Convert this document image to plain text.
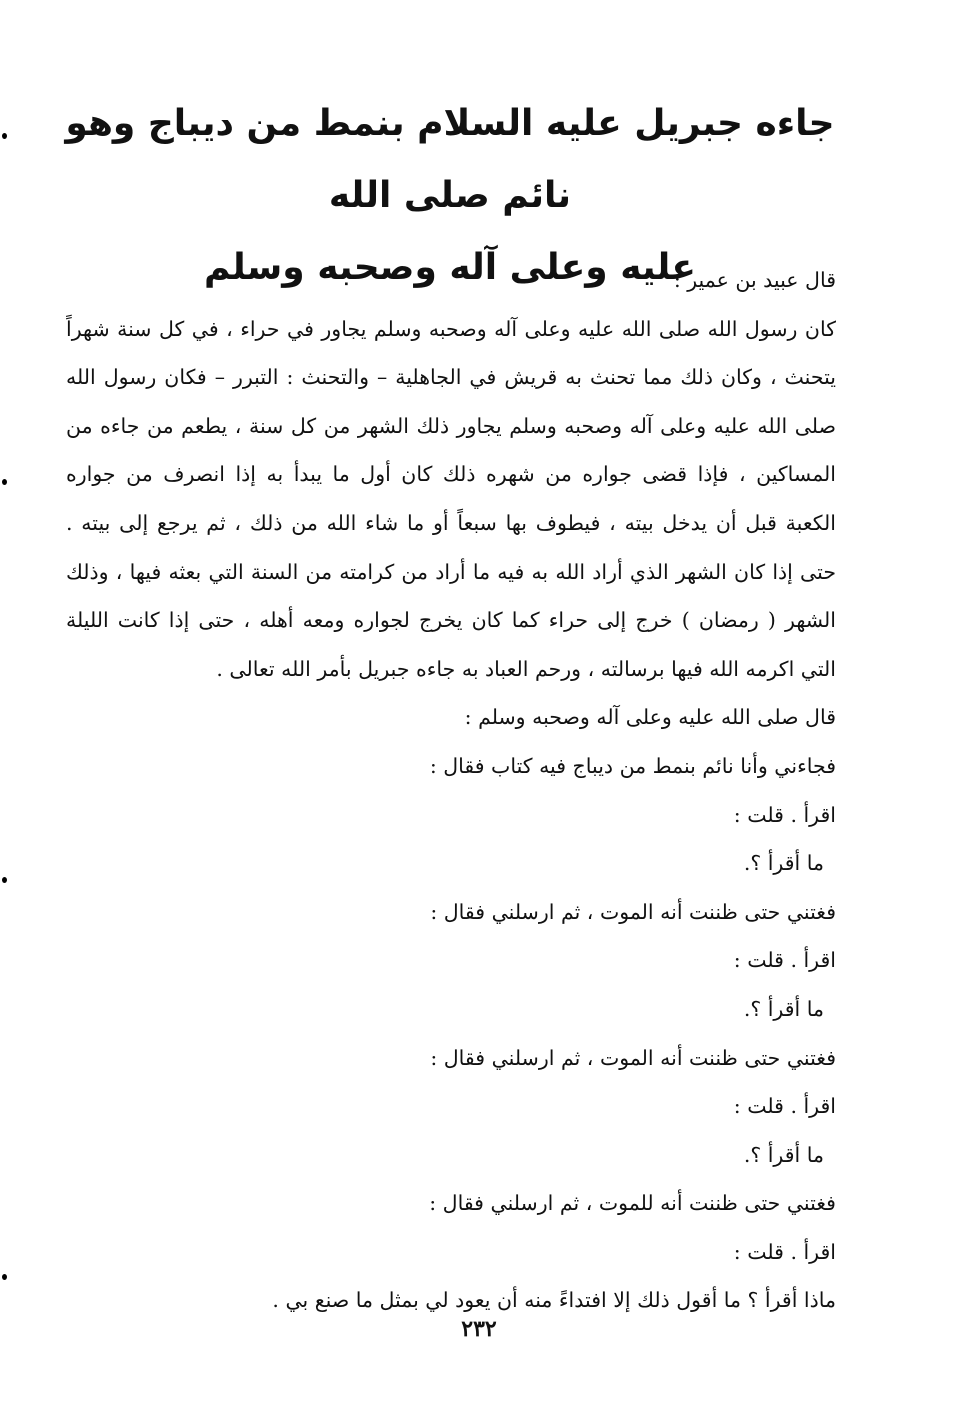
جاءه جبريل عليه السلام بنمط من ديباج وهو نائم صلى الله
عليه وعلى آله وصحبه وسلم
قال عبيد بن عمير :
كان رسول الله صلى الله عليه وعلى آله وصحبه وسلم يجاور في حراء ، في كل سنة شهراً
يتحنث ، وكان ذلك مما تحنث به قريش في الجاهلية – والتحنث : التبرر – فكان رسول الله
صلى الله عليه وعلى آله وصحبه وسلم يجاور ذلك الشهر من كل سنة ، يطعم من جاءه من
المساكين ، فإذا قضى جواره من شهره ذلك كان أول ما يبدأ به إذا انصرف من جواره
الكعبة قبل أن يدخل بيته ، فيطوف بها سبعاً أو ما شاء الله من ذلك ، ثم يرجع إلى بيته .
حتى إذا كان الشهر الذي أراد الله به فيه ما أراد من كرامته من السنة التي بعثه فيها ، وذلك
الشهر ( رمضان ) خرج إلى حراء كما كان يخرج لجواره ومعه أهله ، حتى إذا كانت الليلة
التي اكرمه الله فيها برسالته ، ورحم العباد به جاءه جبريل بأمر الله تعالى .
قال صلى الله عليه وعلى آله وصحبه وسلم :
فجاءني وأنا نائم بنمط من ديباج فيه كتاب فقال :
اقرأ . قلت :
ما أقرأ ؟.
فغتني حتى ظننت أنه الموت ، ثم ارسلني فقال :
اقرأ . قلت :
ما أقرأ ؟.
فغتني حتى ظننت أنه الموت ، ثم ارسلني فقال :
اقرأ . قلت :
ما أقرأ ؟.
فغتني حتى ظننت أنه للموت ، ثم ارسلني فقال :
اقرأ . قلت :
ماذا أقرأ ؟ ما أقول ذلك إلا افتداءً منه أن يعود لي بمثل ما صنع بي .
٢٣٢
